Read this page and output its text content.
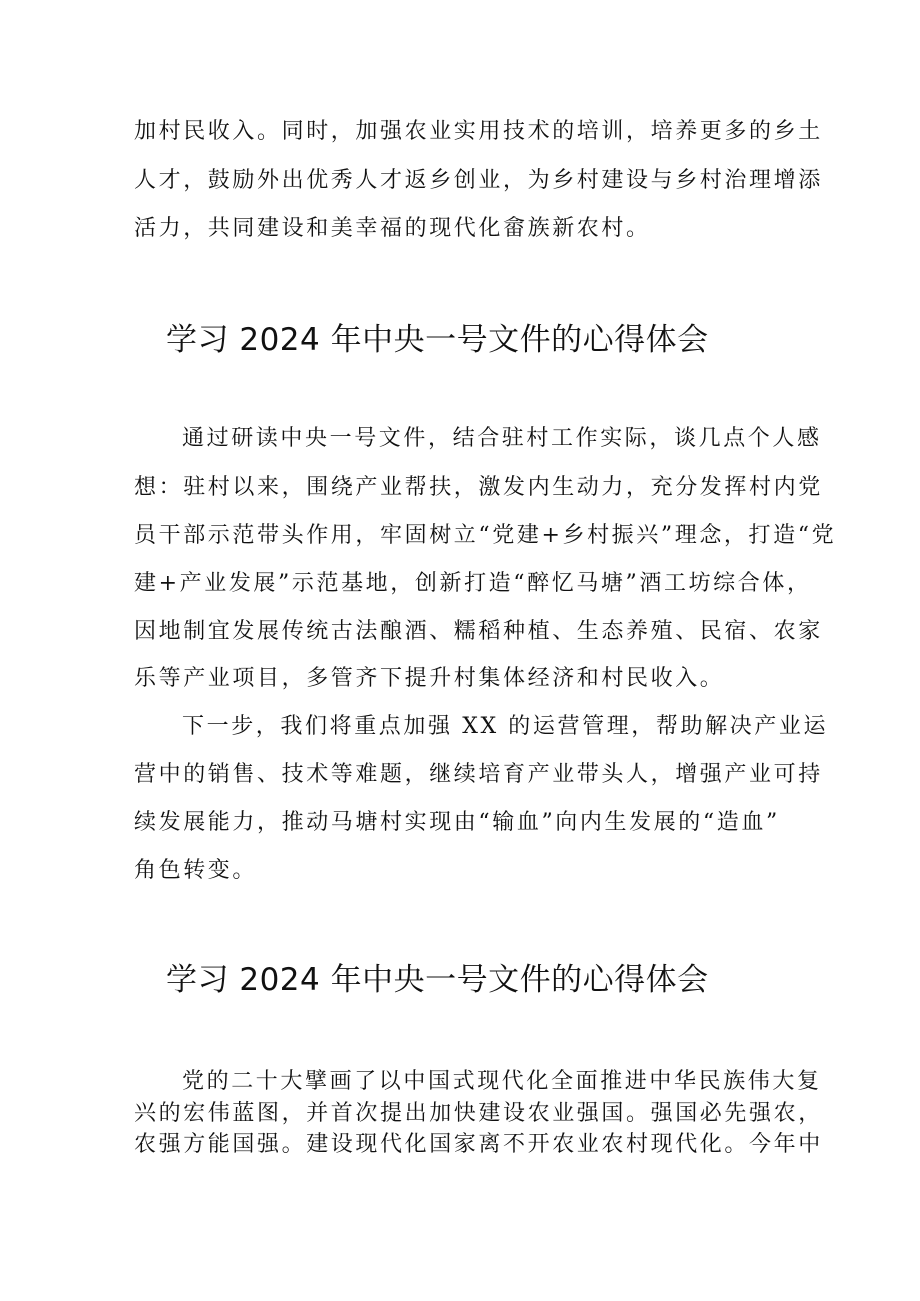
加村民收入。同时，加强农业实用技术的培训，培养更多的乡土
人才，鼓励外出优秀人才返乡创业，为乡村建设与乡村治理增添
活力，共同建设和美幸福的现代化畲族新农村。
学习 2024 年中央一号文件的心得体会
通过研读中央一号文件，结合驻村工作实际，谈几点个人感
想：驻村以来，围绕产业帮扶，激发内生动力，充分发挥村内党
员干部示范带头作用，牢固树立“党建+乡村振兴”理念，打造“党
建+产业发展”示范基地，创新打造“醉忆马塘”酒工坊综合体，
因地制宜发展传统古法酿酒、糯稻种植、生态养殖、民宿、农家
乐等产业项目，多管齐下提升村集体经济和村民收入。
下一步，我们将重点加强 XX 的运营管理，帮助解决产业运
营中的销售、技术等难题，继续培育产业带头人，增强产业可持
续发展能力，推动马塘村实现由“输血”向内生发展的“造血”
角色转变。
学习 2024 年中央一号文件的心得体会
党的二十大擘画了以中国式现代化全面推进中华民族伟大复
兴的宏伟蓝图，并首次提出加快建设农业强国。强国必先强农，
农强方能国强。建设现代化国家离不开农业农村现代化。今年中
